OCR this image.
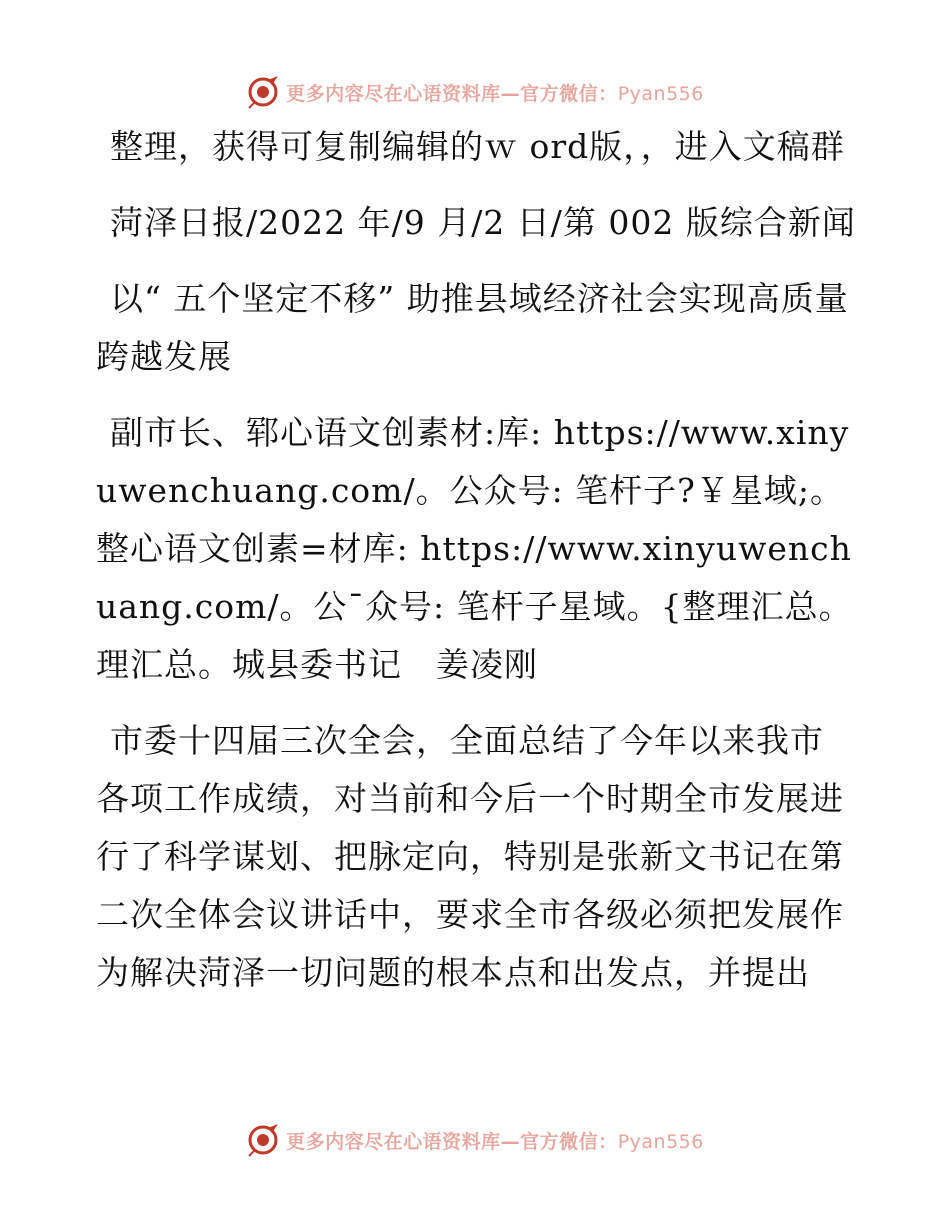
更多内容尽在心语资料库—官方微信：Pyan556

整理，获得可复制编辑的ｗ ord版，，进入文稿群

菏泽日报/2022 年/9 月/2 日/第 002 版综合新闻

以“ 五个坚定不移” 助推县域经济社会实现高质量跨越发展

副市长、郓心语文创素材:库: https://www.xinyuwenchuang.com/。公众号: 笔杆子?￥星域;。整心语文创素=材库: https://www.xinyuwenchuang.com/。公¯众号: 笔杆子星域。{整理汇总。理汇总。城县委书记　姜凌刚

市委十四届三次全会，全面总结了今年以来我市各项工作成绩，对当前和今后一个时期全市发展进行了科学谋划、把脉定向，特别是张新文书记在第二次全体会议讲话中，要求全市各级必须把发展作为解决菏泽一切问题的根本点和出发点，并提出

更多内容尽在心语资料库—官方微信：Pyan556
